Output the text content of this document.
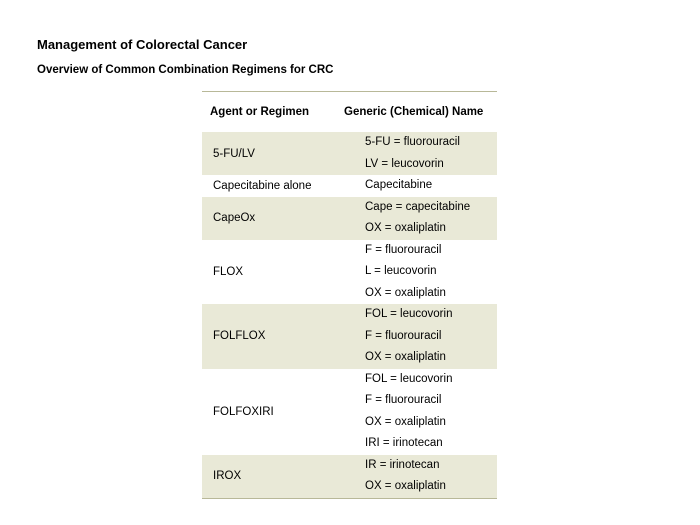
Management of Colorectal Cancer
Overview of Common Combination Regimens for CRC
Agent or Regimen	Generic (Chemical) Name
5-FU/LV	5-FU = fluorouracil
LV = leucovorin

Capecitabine alone	Capecitabine

CapeOx	Cape = capecitabine
OX = oxaliplatin

FLOX	F = fluorouracil
L = leucovorin
OX = oxaliplatin

FOLFLOX	FOL = leucovorin
F = fluorouracil
OX = oxaliplatin

FOLFOXIRI	FOL = leucovorin
F = fluorouracil
OX = oxaliplatin
IRI = irinotecan

IROX	IR = irinotecan
OX = oxaliplatin
